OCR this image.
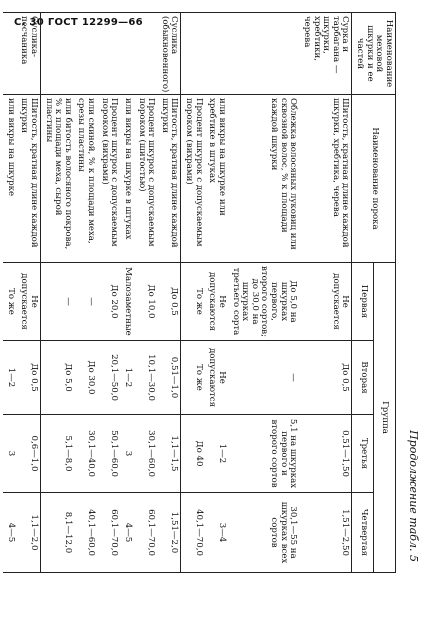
С. 30 ГОСТ 12299—66
Продолжение табл. 5
Наименование меховой шкурки и ее частей	Наименование порока	Группа			
		Первая	Вторая	Третья	Четвертая
Сурка и тарбагана — шкурки, хребтики, черева	Шитость, кратная длине каждой шкурки, хребтика, черева	Не допускается	До 0,5	0,51—1,50	1,51—2,50
	Облежка волосяных луковиц или сквозной волос, % к площади каждой шкурки	До 5,0 на шкурках первого, второго сортов; до 30,0 на шкурках третьего сорта	—	5,1 на шкурках первого и второго сортов	30,1—55 на шкурках всех сортов
	или вихры на шкурке или хребтике в штуках	Не допускаются	Не допускаются	1—2	3—4
	Процент шкурок с допускаемым пороком (вихрами)	То же	То же	До 40	40,1—70,0
Суслика (обыкновенного)	Шитость, кратная длине каждой шкурки	До 0,5	0,51—1,0	1,1—1,5	1,51—2,0
	Процент шкурок с допускаемым пороком (шитостью)	До 10,0	10,1—30,0	30,1—60,0	60,1—70,0
	или вихры на шкурке в штуках	Малозаметные	1—2	3	4—5
	Процент шкурок с допускаемым пороком (вихрами)	До 20,0	20,1—50,0	50,1—60,0	60,1—70,0
	или сминой, % к площади меха, срезы пластины	—	До 30,0	30,1—40,0	40,1—60,0
	или битость волосяного покрова, % к площади меха, сырой пластины	—	До 5,0	5,1—8,0	8,1—12,0
Суслика-песчаника	Шитость, кратная длине каждой шкурки	Не допускается	До 0,5	0,6—1,0	1,1—2,0
	или вихры на шкурке	То же	1—2	3	4—5
